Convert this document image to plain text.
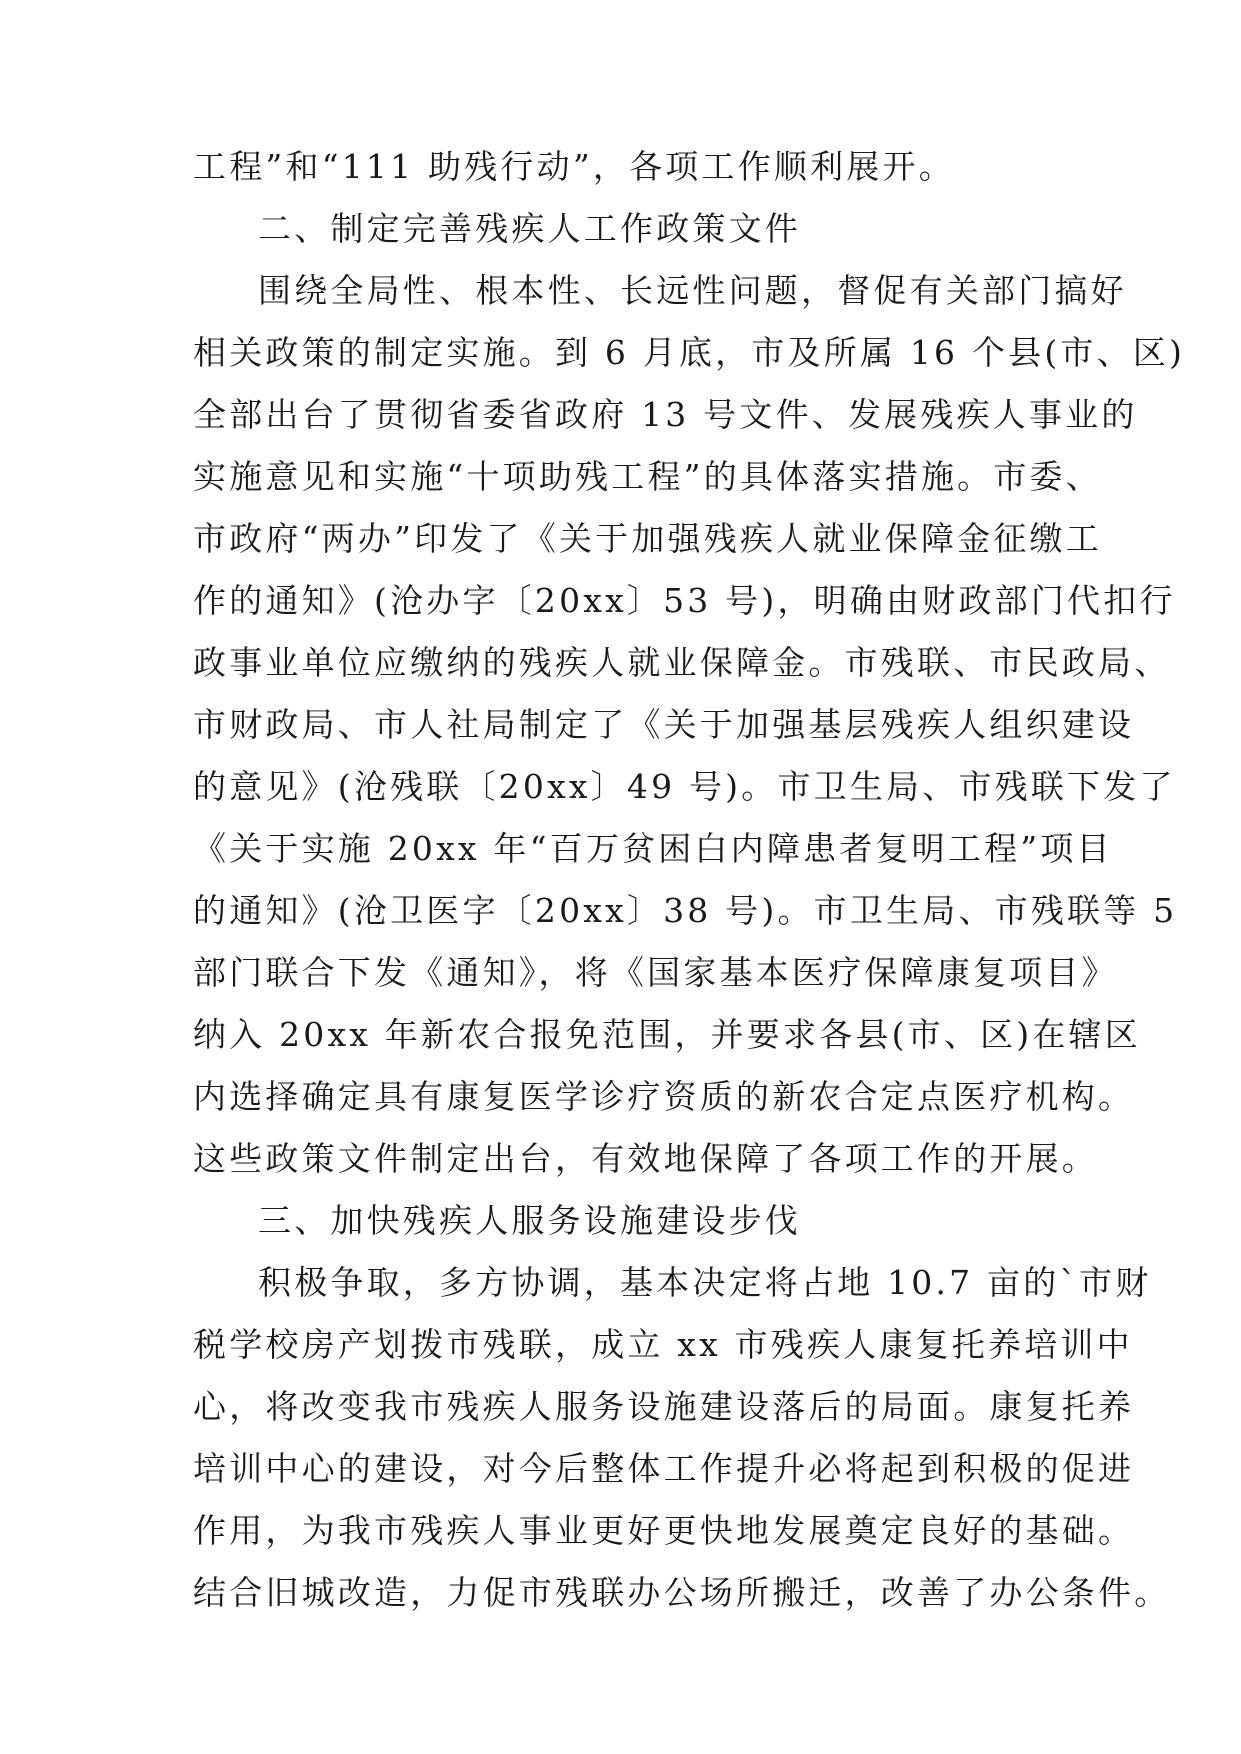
工程”和“111 助残行动”，各项工作顺利展开。
二、制定完善残疾人工作政策文件
围绕全局性、根本性、长远性问题，督促有关部门搞好
相关政策的制定实施。到 6 月底，市及所属 16 个县(市、区)
全部出台了贯彻省委省政府 13 号文件、发展残疾人事业的
实施意见和实施“十项助残工程”的具体落实措施。市委、
市政府“两办”印发了《关于加强残疾人就业保障金征缴工
作的通知》(沧办字〔20xx〕53 号)，明确由财政部门代扣行
政事业单位应缴纳的残疾人就业保障金。市残联、市民政局、
市财政局、市人社局制定了《关于加强基层残疾人组织建设
的意见》(沧残联〔20xx〕49 号)。市卫生局、市残联下发了
《关于实施 20xx 年“百万贫困白内障患者复明工程”项目
的通知》(沧卫医字〔20xx〕38 号)。市卫生局、市残联等 5
部门联合下发《通知》，将《国家基本医疗保障康复项目》
纳入 20xx 年新农合报免范围，并要求各县(市、区)在辖区
内选择确定具有康复医学诊疗资质的新农合定点医疗机构。
这些政策文件制定出台，有效地保障了各项工作的开展。
三、加快残疾人服务设施建设步伐
积极争取，多方协调，基本决定将占地 10.7 亩的`市财
税学校房产划拨市残联，成立 xx 市残疾人康复托养培训中
心，将改变我市残疾人服务设施建设落后的局面。康复托养
培训中心的建设，对今后整体工作提升必将起到积极的促进
作用，为我市残疾人事业更好更快地发展奠定良好的基础。
结合旧城改造，力促市残联办公场所搬迁，改善了办公条件。
